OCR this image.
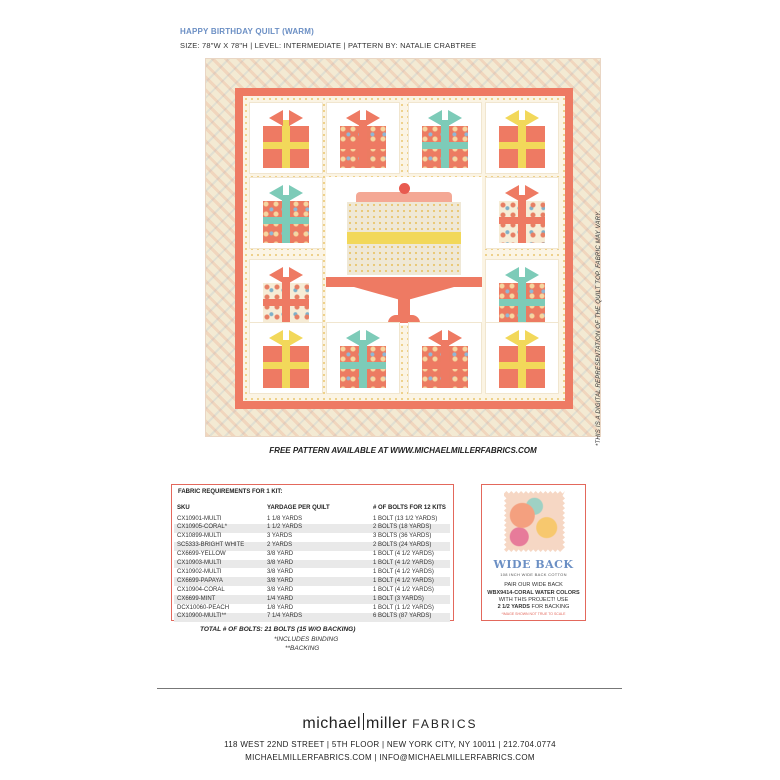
HAPPY BIRTHDAY QUILT (WARM)
SIZE: 78"W X 78"H | LEVEL: INTERMEDIATE | PATTERN BY: NATALIE CRABTREE
*THIS IS A DIGITAL REPRESENTATION OF THE QUILT TOP. FABRIC MAY VARY.
FREE PATTERN AVAILABLE AT WWW.MICHAELMILLERFABRICS.COM
FABRIC REQUIREMENTS FOR 1 KIT:
SKU	YARDAGE PER QUILT	# OF BOLTS FOR 12 KITS
CX10901-MULTI	1 1/8 YARDS	1 BOLT (13 1/2 YARDS)
CX10905-CORAL*	1 1/2 YARDS	2 BOLTS (18 YARDS)
CX10899-MULTI	3 YARDS	3 BOLTS (36 YARDS)
SC5333-BRIGHT WHITE	2 YARDS	2 BOLTS (24 YARDS)
CX6699-YELLOW	3/8 YARD	1 BOLT (4 1/2 YARDS)
CX10903-MULTI	3/8 YARD	1 BOLT (4 1/2 YARDS)
CX10902-MULTI	3/8 YARD	1 BOLT (4 1/2 YARDS)
CX6699-PAPAYA	3/8 YARD	1 BOLT (4 1/2 YARDS)
CX10904-CORAL	3/8 YARD	1 BOLT (4 1/2 YARDS)
CX6699-MINT	1/4 YARD	1 BOLT (3 YARDS)
DCX10060-PEACH	1/8 YARD	1 BOLT (1 1/2 YARDS)
CX10900-MULTI**	7 1/4 YARDS	6 BOLTS (87 YARDS)
TOTAL # OF BOLTS: 21 BOLTS (15 W/O BACKING)
*INCLUDES BINDING
**BACKING
WIDE BACK
108 INCH WIDE BACK COTTON
PAIR OUR WIDE BACK
WBX9414-CORAL WATER COLORS
WITH THIS PROJECT! USE
2 1/2 YARDS FOR BACKING
*IMAGE SHOWN NOT TRUE TO SCALE
michael miller FABRICS
118 WEST 22ND STREET | 5TH FLOOR | NEW YORK CITY, NY 10011 | 212.704.0774
MICHAELMILLERFABRICS.COM | INFO@MICHAELMILLERFABRICS.COM
